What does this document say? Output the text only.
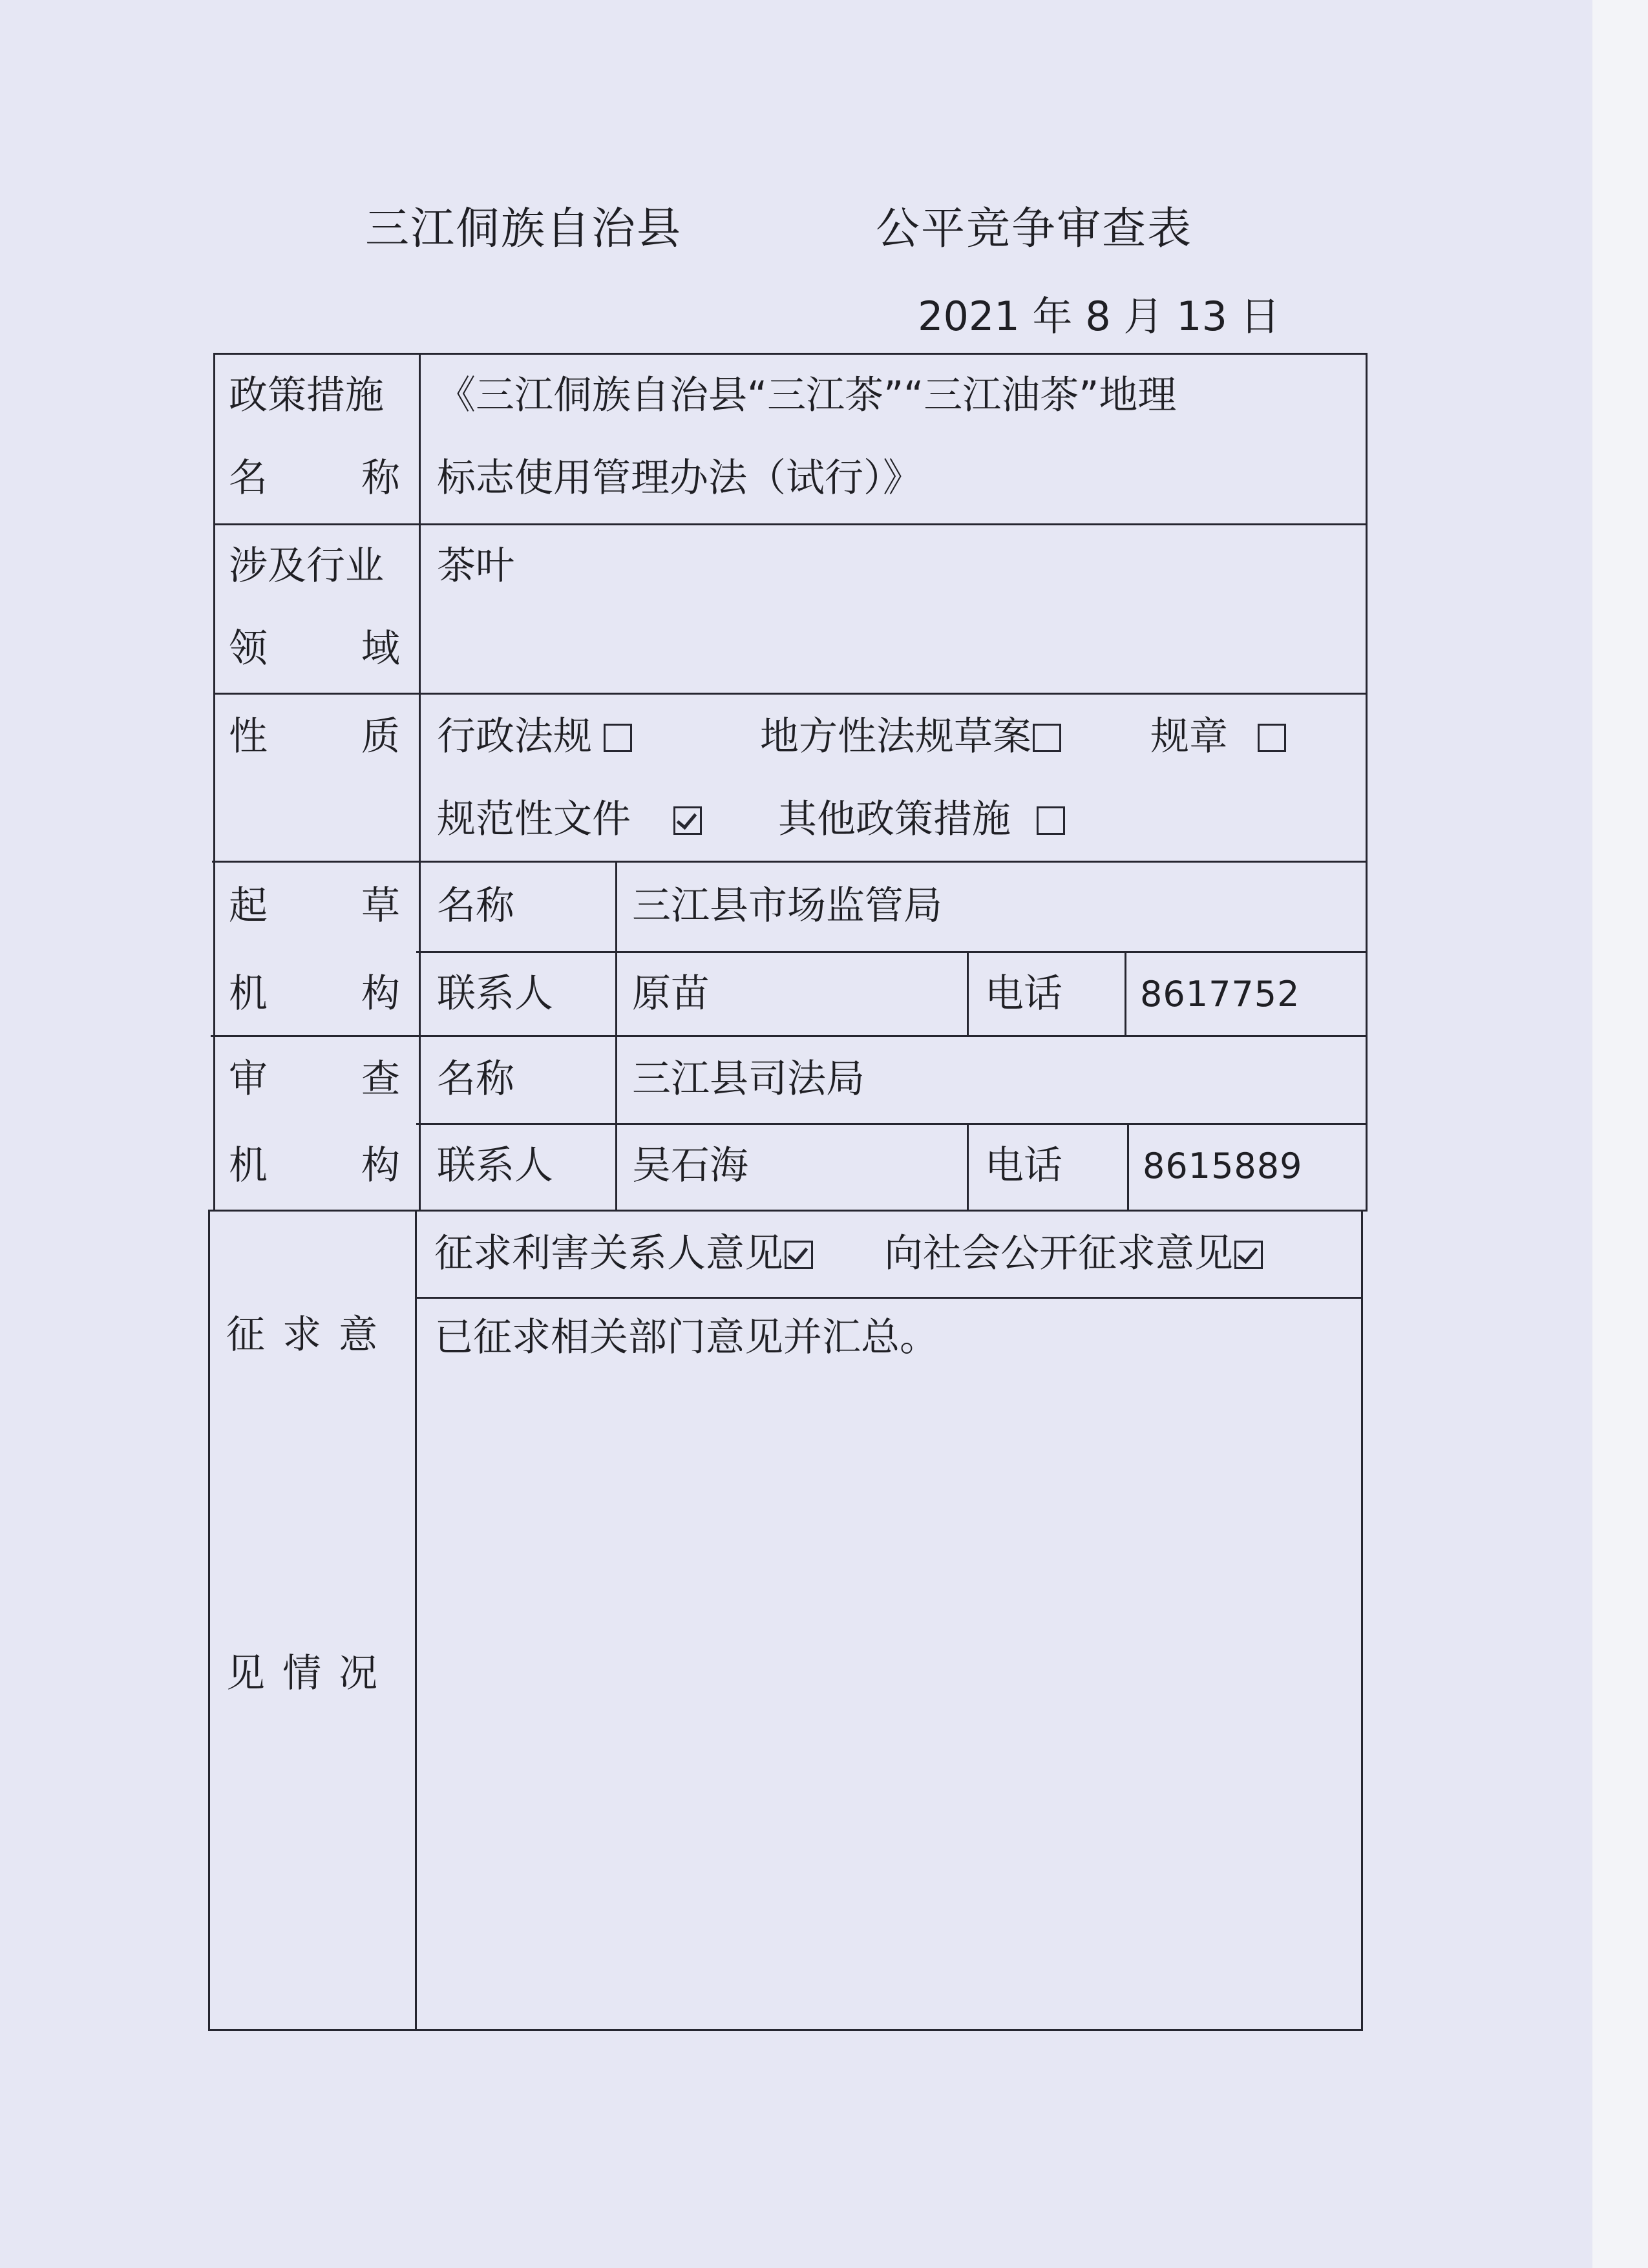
三江侗族自治县	公平竞争审查表
2021 年 8 月 13 日
政策措施
名 称
《三江侗族自治县“三江茶”“三江油茶”地理
标志使用管理办法（试行）》
涉及行业
领 域
茶叶
性 质 行政法规	地方性法规草案	规章
规范性文件	其他政策措施
起 草
机 构
名称	三江县市场监管局
联系人 原苗	电话 8617752
审 查
机 构
名称	三江县司法局
联系人 吴石海	电话 8615889
征 求 意
见 情 况
征求利害关系人意见	向社会公开征求意见
已征求相关部门意见并汇总。
